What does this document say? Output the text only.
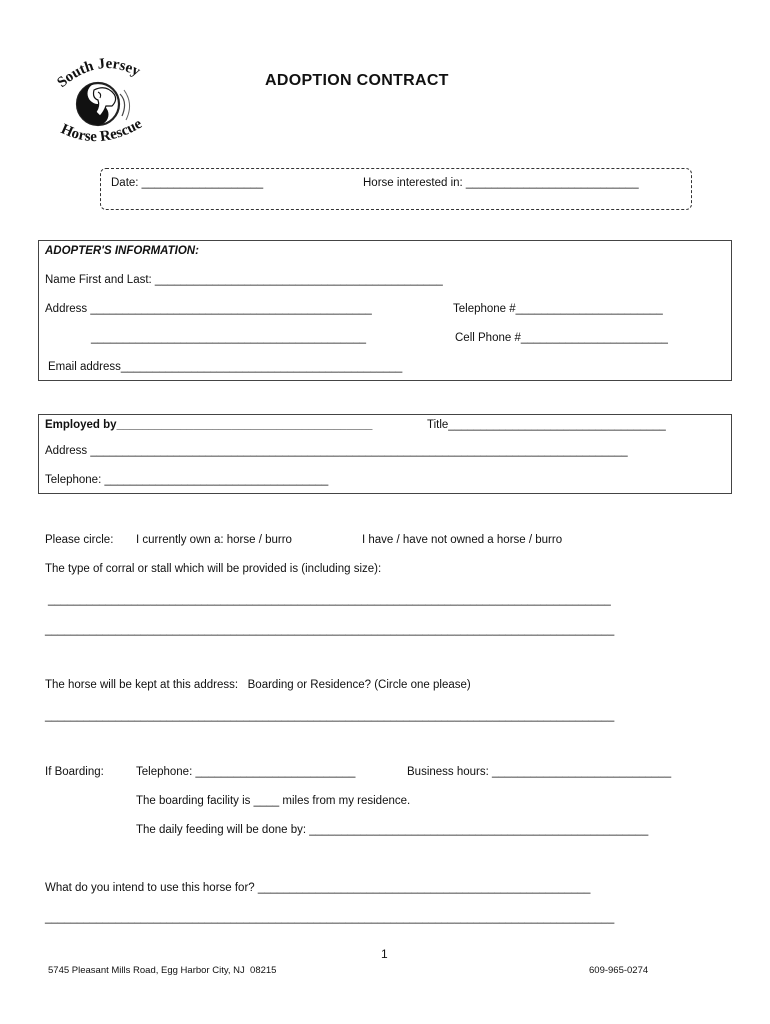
South Jersey
Horse Rescue
ADOPTION CONTRACT
Date: ___________________	Horse interested in: ___________________________
ADOPTER'S INFORMATION:
Name First and Last: _____________________________________________
Address ____________________________________________	Telephone #_______________________
___________________________________________	Cell Phone #_______________________
Email address____________________________________________
Employed by________________________________________	Title__________________________________
Address ____________________________________________________________________________________
Telephone: ___________________________________
Please circle: I currently own a: horse / burro	I have / have not owned a horse / burro
The type of corral or stall which will be provided is (including size):
________________________________________________________________________________________
_________________________________________________________________________________________
The horse will be kept at this address:   Boarding or Residence? (Circle one please)
_________________________________________________________________________________________
If Boarding:	Telephone: _________________________	Business hours: ____________________________
The boarding facility is ____ miles from my residence.
The daily feeding will be done by: _____________________________________________________
What do you intend to use this horse for? ____________________________________________________
_________________________________________________________________________________________
1
5745 Pleasant Mills Road, Egg Harbor City, NJ  08215	609-965-0274
